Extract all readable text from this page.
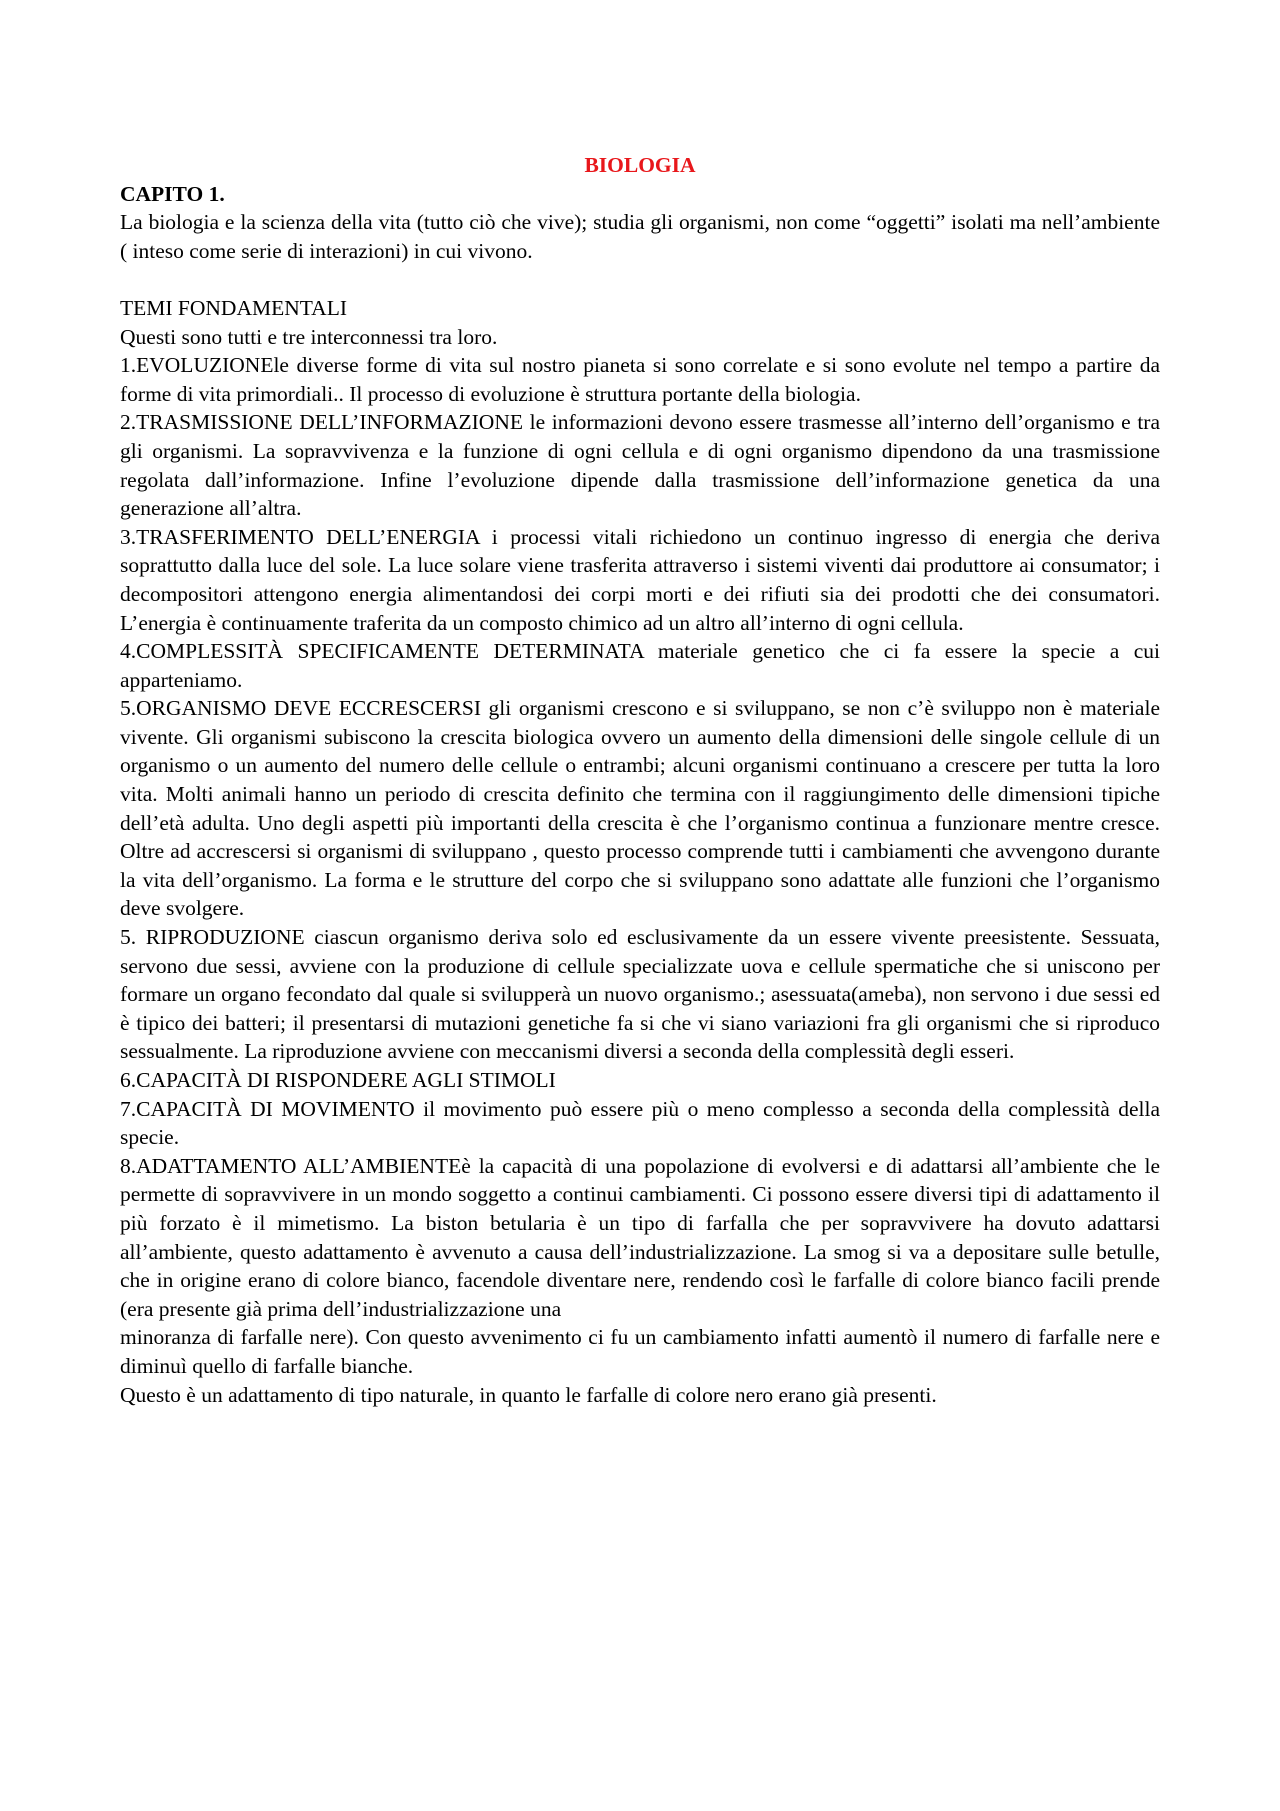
BIOLOGIA

CAPITO 1.

La biologia e la scienza della vita (tutto ciò che vive); studia gli organismi, non come “oggetti” isolati ma nell’ambiente ( inteso come serie di interazioni) in cui vivono.

TEMI FONDAMENTALI

Questi sono tutti e tre interconnessi tra loro.

1.EVOLUZIONEle diverse forme di vita sul nostro pianeta si sono correlate e si sono evolute nel tempo a partire da forme di vita primordiali.. Il processo di evoluzione è struttura portante della biologia.

2.TRASMISSIONE DELL’INFORMAZIONE le informazioni devono essere trasmesse all’interno dell’organismo e tra gli organismi. La sopravvivenza e la funzione di ogni cellula e di ogni organismo dipendono da una trasmissione regolata dall’informazione. Infine l’evoluzione dipende dalla trasmissione dell’informazione genetica da una generazione all’altra.

3.TRASFERIMENTO DELL’ENERGIA i processi vitali richiedono un continuo ingresso di energia che deriva soprattutto dalla luce del sole. La luce solare viene trasferita attraverso i sistemi viventi dai produttore ai consumator; i decompositori attengono energia alimentandosi dei corpi morti e dei rifiuti sia dei prodotti che dei consumatori. L’energia è continuamente traferita da un composto chimico ad un altro all’interno di ogni cellula.

4.COMPLESSITÀ SPECIFICAMENTE DETERMINATA materiale genetico che ci fa essere la specie a cui apparteniamo.

5.ORGANISMO DEVE ECCRESCERSI gli organismi crescono e si sviluppano, se non c’è sviluppo non è materiale vivente. Gli organismi subiscono la crescita biologica ovvero un aumento della dimensioni delle singole cellule di un organismo o un aumento del numero delle cellule o entrambi; alcuni organismi continuano a crescere per tutta la loro vita. Molti animali hanno un periodo di crescita definito che termina con il raggiungimento delle dimensioni tipiche dell’età adulta. Uno degli aspetti più importanti della crescita è che l’organismo continua a funzionare mentre cresce. Oltre ad accrescersi si organismi di sviluppano , questo processo comprende tutti i cambiamenti che avvengono durante la vita dell’organismo. La forma e le strutture del corpo che si sviluppano sono adattate alle funzioni che l’organismo deve svolgere.

5. RIPRODUZIONE ciascun organismo deriva solo ed esclusivamente da un essere vivente preesistente. Sessuata, servono due sessi, avviene con la produzione di cellule specializzate uova e cellule spermatiche che si uniscono per formare un organo fecondato dal quale si svilupperà un nuovo organismo.; asessuata(ameba), non servono i due sessi ed è tipico dei batteri; il presentarsi di mutazioni genetiche fa si che vi siano variazioni fra gli organismi che si riproduco sessualmente. La riproduzione avviene con meccanismi diversi a seconda della complessità degli esseri.

6.CAPACITÀ DI RISPONDERE AGLI STIMOLI

7.CAPACITÀ DI MOVIMENTO il movimento può essere più o meno complesso a seconda della complessità della specie.

8.ADATTAMENTO ALL’AMBIENTEè la capacità di una popolazione di evolversi e di adattarsi all’ambiente che le permette di sopravvivere in un mondo soggetto a continui cambiamenti. Ci possono essere diversi tipi di adattamento il più forzato è il mimetismo. La biston betularia è un tipo di farfalla che per sopravvivere ha dovuto adattarsi all’ambiente, questo adattamento è avvenuto a causa dell’industrializzazione. La smog si va a depositare sulle betulle, che in origine erano di colore bianco, facendole diventare nere, rendendo così le farfalle di colore bianco facili prende (era presente già prima dell’industrializzazione una

minoranza di farfalle nere). Con questo avvenimento ci fu un cambiamento infatti aumentò il numero di farfalle nere e diminuì quello di farfalle bianche.

Questo è un adattamento di tipo naturale, in quanto le farfalle di colore nero erano già presenti.
